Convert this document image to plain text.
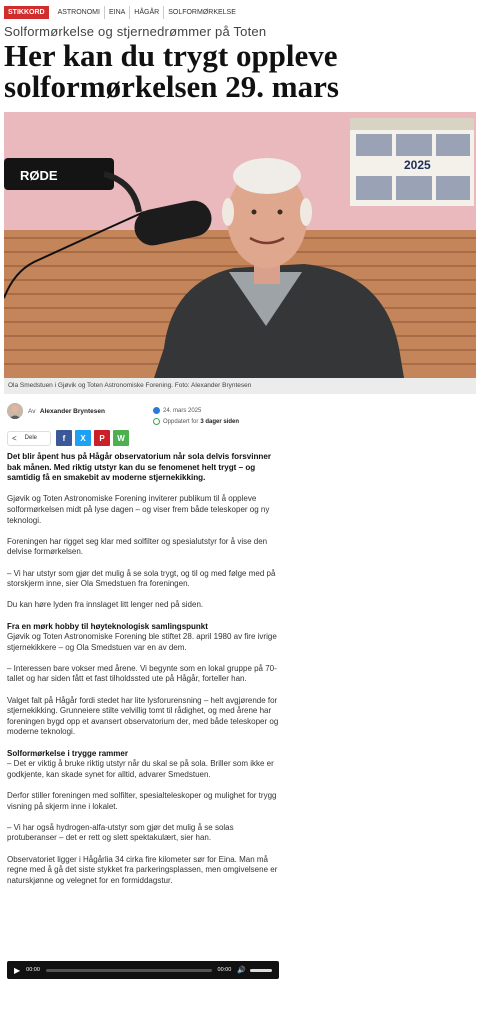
STIKKORD	ASTRONOMI	EINA	HÅGÅR	SOLFORMØRKELSE
Solformørkelse og stjernedrømmer på Toten
Her kan du trygt oppleve solformørkelsen 29. mars
2025
RØDE
Ola Smedstuen i Gjøvik og Toten Astronomiske Forening. Foto: Alexander Bryntesen
Av
Alexander Bryntesen	24. mars 2025
Oppdatert for 3 dager siden
< Dele	f X P W

Det blir åpent hus på Hågår observatorium når sola delvis forsvinner bak månen. Med riktig utstyr kan du se fenomenet helt trygt – og samtidig få en smakebit av moderne stjernekikking.

Gjøvik og Toten Astronomiske Forening inviterer publikum til å oppleve solformørkelsen midt på lyse dagen – og viser frem både teleskoper og ny teknologi.

Foreningen har rigget seg klar med solfilter og spesialutstyr for å vise den delvise formørkelsen.

– Vi har utstyr som gjør det mulig å se sola trygt, og til og med følge med på storskjerm inne, sier Ola Smedstuen fra foreningen.

Du kan høre lyden fra innslaget litt lenger ned på siden.

Fra en mørk hobby til høyteknologisk samlingspunkt

Gjøvik og Toten Astronomiske Forening ble stiftet 28. april 1980 av fire ivrige stjernekikkere – og Ola Smedstuen var en av dem.

– Interessen bare vokser med årene. Vi begynte som en lokal gruppe på 70-tallet og har siden fått et fast tilholdssted ute på Hågår, forteller han.

Valget falt på Hågår fordi stedet har lite lysforurensning – helt avgjørende for stjernekikking. Grunneiere stilte velvillig tomt til rådighet, og med årene har foreningen bygd opp et avansert observatorium der, med både teleskoper og moderne teknologi.

Solformørkelse i trygge rammer

– Det er viktig å bruke riktig utstyr når du skal se på sola. Briller som ikke er godkjente, kan skade synet for alltid, advarer Smedstuen.

Derfor stiller foreningen med solfilter, spesialteleskoper og mulighet for trygg visning på skjerm inne i lokalet.

– Vi har også hydrogen-alfa-utstyr som gjør det mulig å se solas protuberanser – det er rett og slett spektakulært, sier han.

Observatoriet ligger i Hågårlia 34 cirka fire kilometer sør for Eina. Man må regne med å gå det siste stykket fra parkeringsplassen, men omgivelsene er naturskjønne og velegnet for en formiddagstur.

▶ 00:00	00:00 🔊
